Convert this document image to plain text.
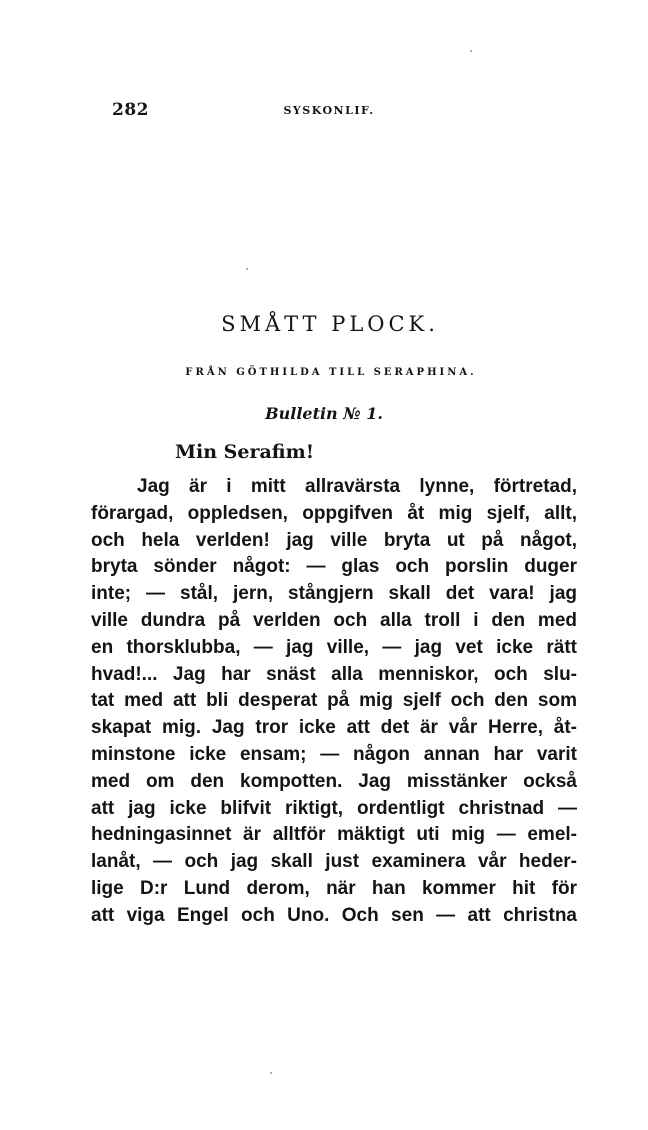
282	SYSKONLIF.
SMÅTT PLOCK.
FRÅN GÖTHILDA TILL SERAPHINA.
Bulletin № 1.
Min Serafim!
Jag är i mitt allravärsta lynne, förtretad,
förargad, oppledsen, oppgifven åt mig sjelf, allt,
och hela verlden! jag ville bryta ut på något,
bryta sönder något: — glas och porslin duger
inte; — stål, jern, stångjern skall det vara! jag
ville dundra på verlden och alla troll i den med
en thorsklubba, — jag ville, — jag vet icke rätt
hvad!... Jag har snäst alla menniskor, och slu-
tat med att bli desperat på mig sjelf och den som
skapat mig. Jag tror icke att det är vår Herre, åt-
minstone icke ensam; — någon annan har varit
med om den kompotten. Jag misstänker också
att jag icke blifvit riktigt, ordentligt christnad —
hedningasinnet är alltför mäktigt uti mig — emel-
lanåt, — och jag skall just examinera vår heder-
lige D:r Lund derom, när han kommer hit för
att viga Engel och Uno. Och sen — att christna
